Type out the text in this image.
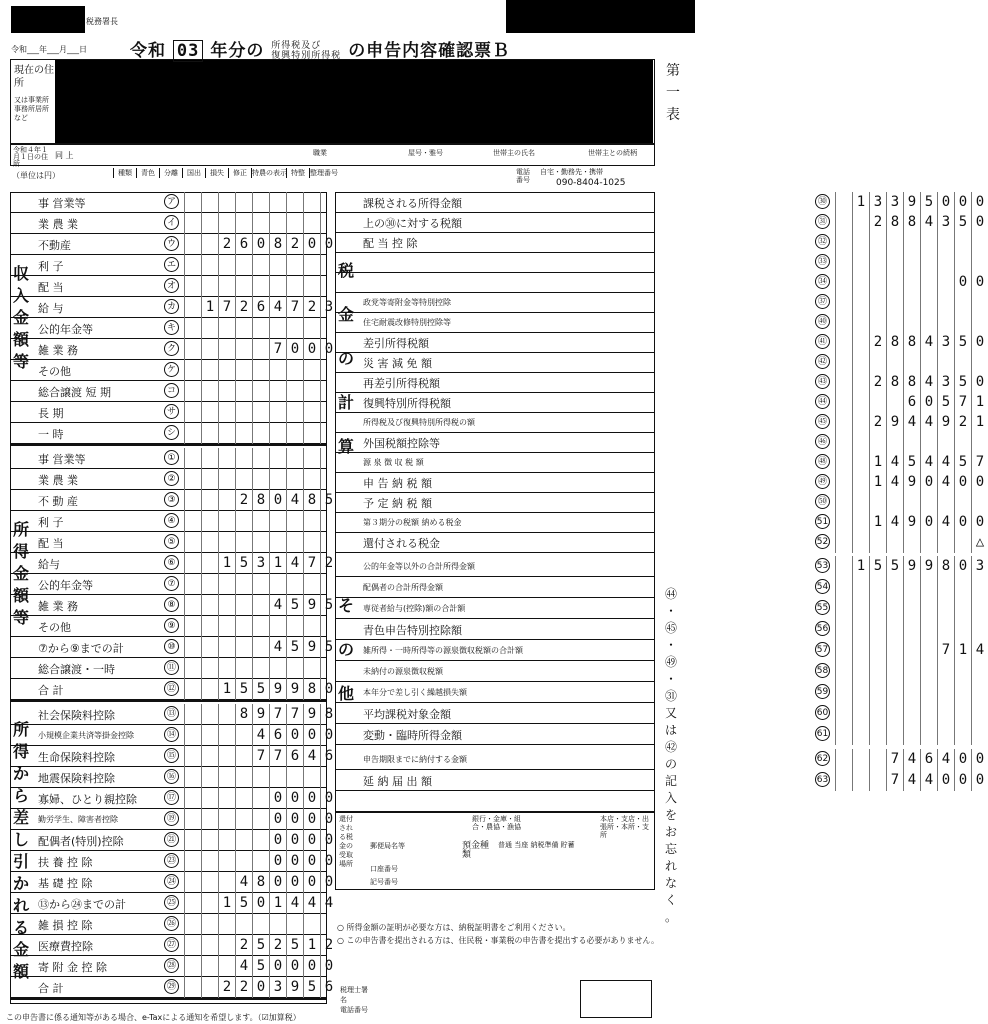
税務署長
令和___年___月___日	令和 03 年分の 所得税及び
復興特別所得税 の申告内容確認票Ｂ
現在の住所
又は事業所事務所居所など
第一表
令和４年１月１日の住所
同 上	職業	屋号・雅号	世帯主の氏名	世帯主との続柄
（単位は円）	種類	青色	分離	国出	損失	修正 特農の表示 特整 整理番号	電話番号
自宅・勤務先・携帯
090-8404-1025
事 営業等	ア
業 農 業	イ
不動産	ウ	2 6 0 8 2 0 0
利 子	エ
配 当	オ
給 与	カ	1 7 2 6 4 7 2 3
公的年金等	キ
雑 業 務	ク	7 0 0 0
その他	ケ
総合譲渡 短 期	コ
長 期	サ
一 時	シ
収
入
金
額
等
事 営業等	①
業 農 業	②
不 動 産	③	2 8 0 4 8 5
利 子	④
配 当	⑤
給与	⑥	1 5 3 1 4 7 2
公的年金等	⑦
雑 業 務	⑧	4 5 9 5
その他	⑨
⑦から⑨までの計	⑩	4 5 9 5
総合譲渡・一時	⑪
合 計	⑫	1 5 5 9 9 8 0
所
得
金
額
等
社会保険料控除	⑬	8 9 7 7 9 8
小規模企業共済等掛金控除	⑭	4 6 0 0 0
生命保険料控除	⑮	7 7 6 4 6
地震保険料控除	⑯
寡婦、ひとり親控除	⑰	0 0 0 0
勤労学生、障害者控除	⑲	0 0 0 0
配偶者(特別)控除	㉑	0 0 0 0
扶 養 控 除	㉓	0 0 0 0
基 礎 控 除	㉔	4 8 0 0 0 0
⑬から㉔までの計	㉕	1 5 0 1 4 4 4
雑 損 控 除	㉖
医療費控除	㉗	2 5 2 5 1 2
寄 附 金 控 除	㉘	4 5 0 0 0 0
合 計	㉙	2 2 0 3 9 5 6
所
得
か
ら
差
し
引
か
れ
る
金
額
課税される所得金額	㉚	1 3 3 9 5 0 0 0
上の㉚に対する税額	㉛	2 8 8 4 3 5 0
配 当 控 除	㉜
㉝
㉞	0 0
政党等寄附金等特別控除	㊲
住宅耐震改修特別控除等	㊵
差引所得税額	㊶	2 8 8 4 3 5 0
災 害 減 免 額	㊷
再差引所得税額	㊸	2 8 8 4 3 5 0
復興特別所得税額	㊹	6 0 5 7 1
所得税及び復興特別所得税の額	㊺	2 9 4 4 9 2 1
外国税額控除等	㊻
源 泉 徴 収 税 額	㊽	1 4 5 4 4 5 7
申 告 納 税 額	㊾	1 4 9 0 4 0 0
予 定 納 税 額	㊿
第３期分の税額 納める税金	51	1 4 9 0 4 0 0
還付される税金	52	△
税

金

の

計

算
公的年金等以外の合計所得金額	53	1 5 5 9 9 8 0 3
配偶者の合計所得金額	54
専従者給与(控除)額の合計額	55
青色申告特別控除額	56
雑所得・一時所得等の源泉徴収税額の合計額	57	7 1 4
未納付の源泉徴収税額	58
本年分で差し引く繰越損失額	59
平均課税対象金額	60
変動・臨時所得金額	61
そ

の

他
申告期限までに納付する金額	62	7 4 6 4 0 0
延 納 届 出 額	63	7 4 4 0 0 0
還付される税金の受取場所
銀行・金庫・組合・農協・漁協
本店・支店・出張所・本所・支所
郵便局名等	預金種類
普通 当座 納税準備 貯蓄
口座番号
記号番号
○ 所得金額の証明が必要な方は、納税証明書をご利用ください。
○ この申告書を提出される方は、住民税・事業税の申告書を提出する必要がありません。
税理士署名
電話番号
この申告書に係る通知等がある場合、e-Taxによる通知を希望します。（☑加算税）
㊹
・
㊺
・
㊾
・
㉛
又
は
㊷
の
記
入
を
お
忘
れ
な
く
。
